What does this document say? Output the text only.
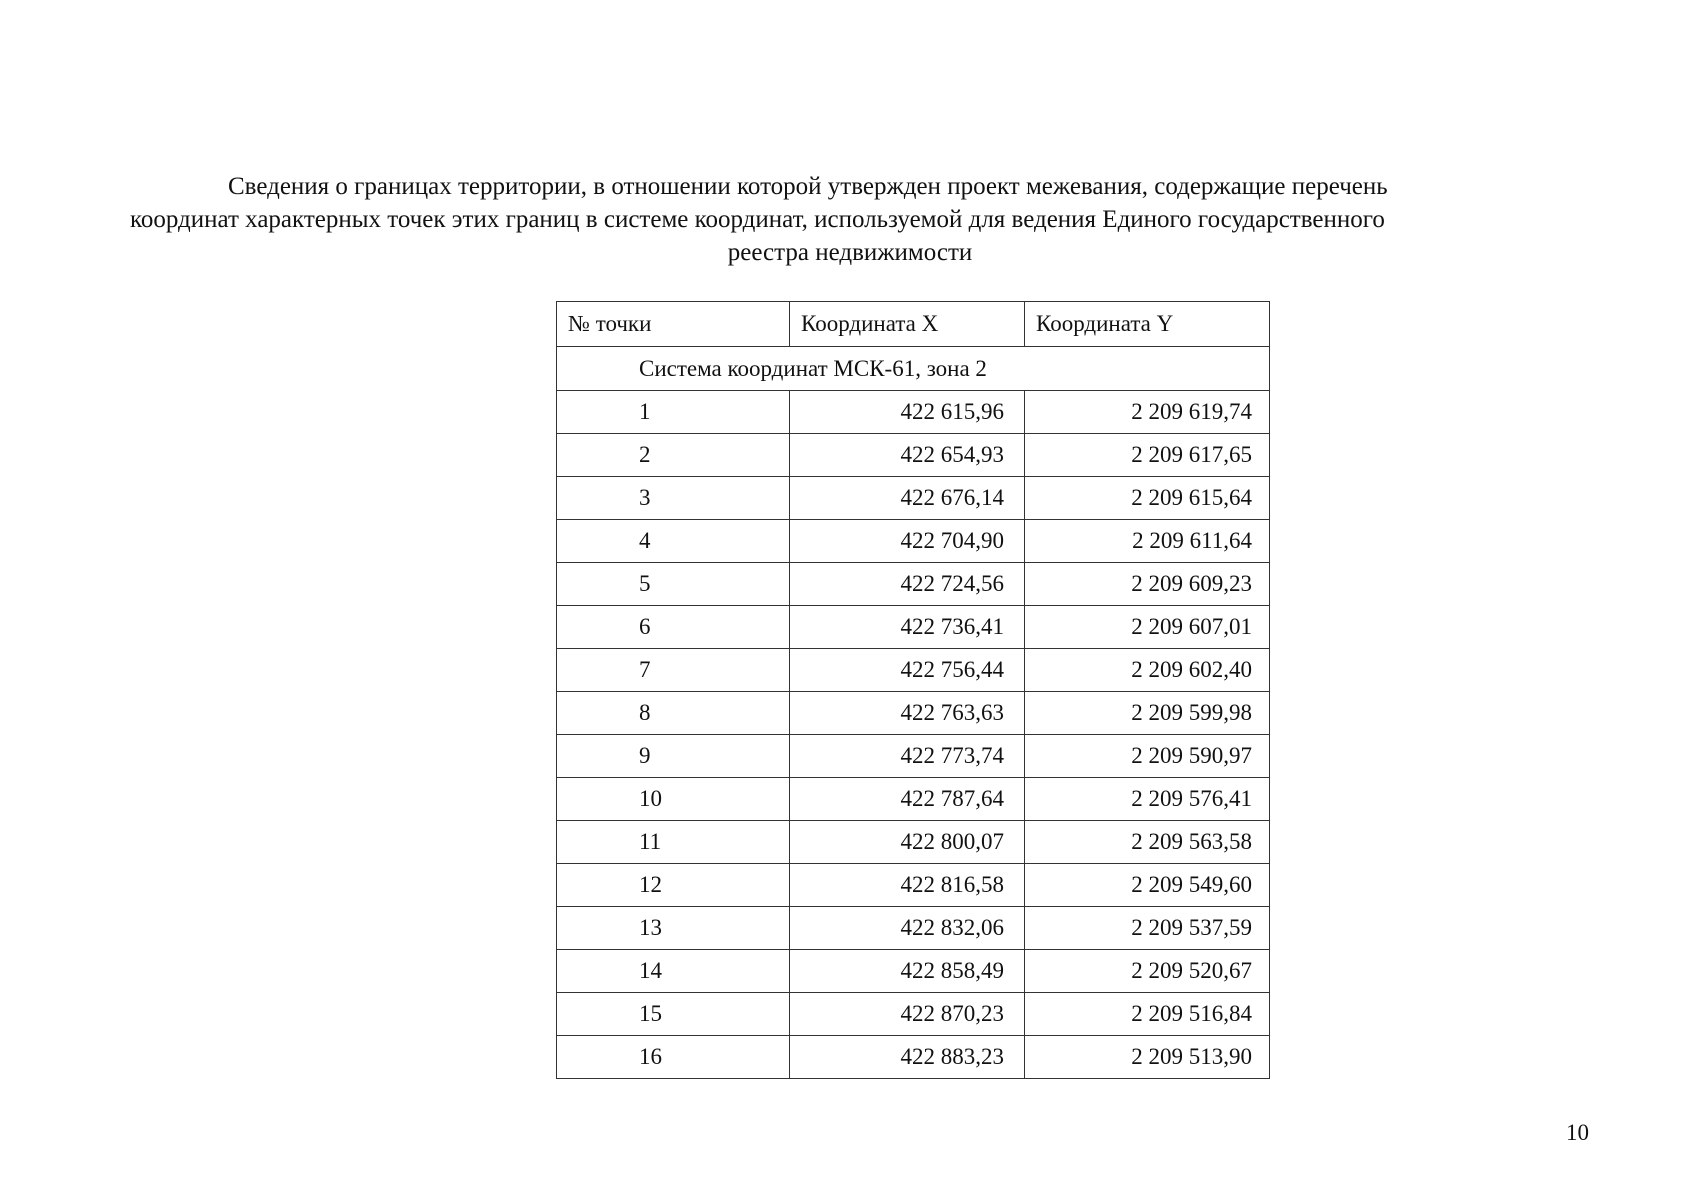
Сведения о границах территории, в отношении которой утвержден проект межевания, содержащие перечень
координат характерных точек этих границ в системе координат, используемой для ведения Единого государственного
реестра недвижимости
№ точки	Координата X	Координата Y
Система координат МСК-61, зона 2		
1	422 615,96	2 209 619,74
2	422 654,93	2 209 617,65
3	422 676,14	2 209 615,64
4	422 704,90	2 209 611,64
5	422 724,56	2 209 609,23
6	422 736,41	2 209 607,01
7	422 756,44	2 209 602,40
8	422 763,63	2 209 599,98
9	422 773,74	2 209 590,97
10	422 787,64	2 209 576,41
11	422 800,07	2 209 563,58
12	422 816,58	2 209 549,60
13	422 832,06	2 209 537,59
14	422 858,49	2 209 520,67
15	422 870,23	2 209 516,84
16	422 883,23	2 209 513,90
10
